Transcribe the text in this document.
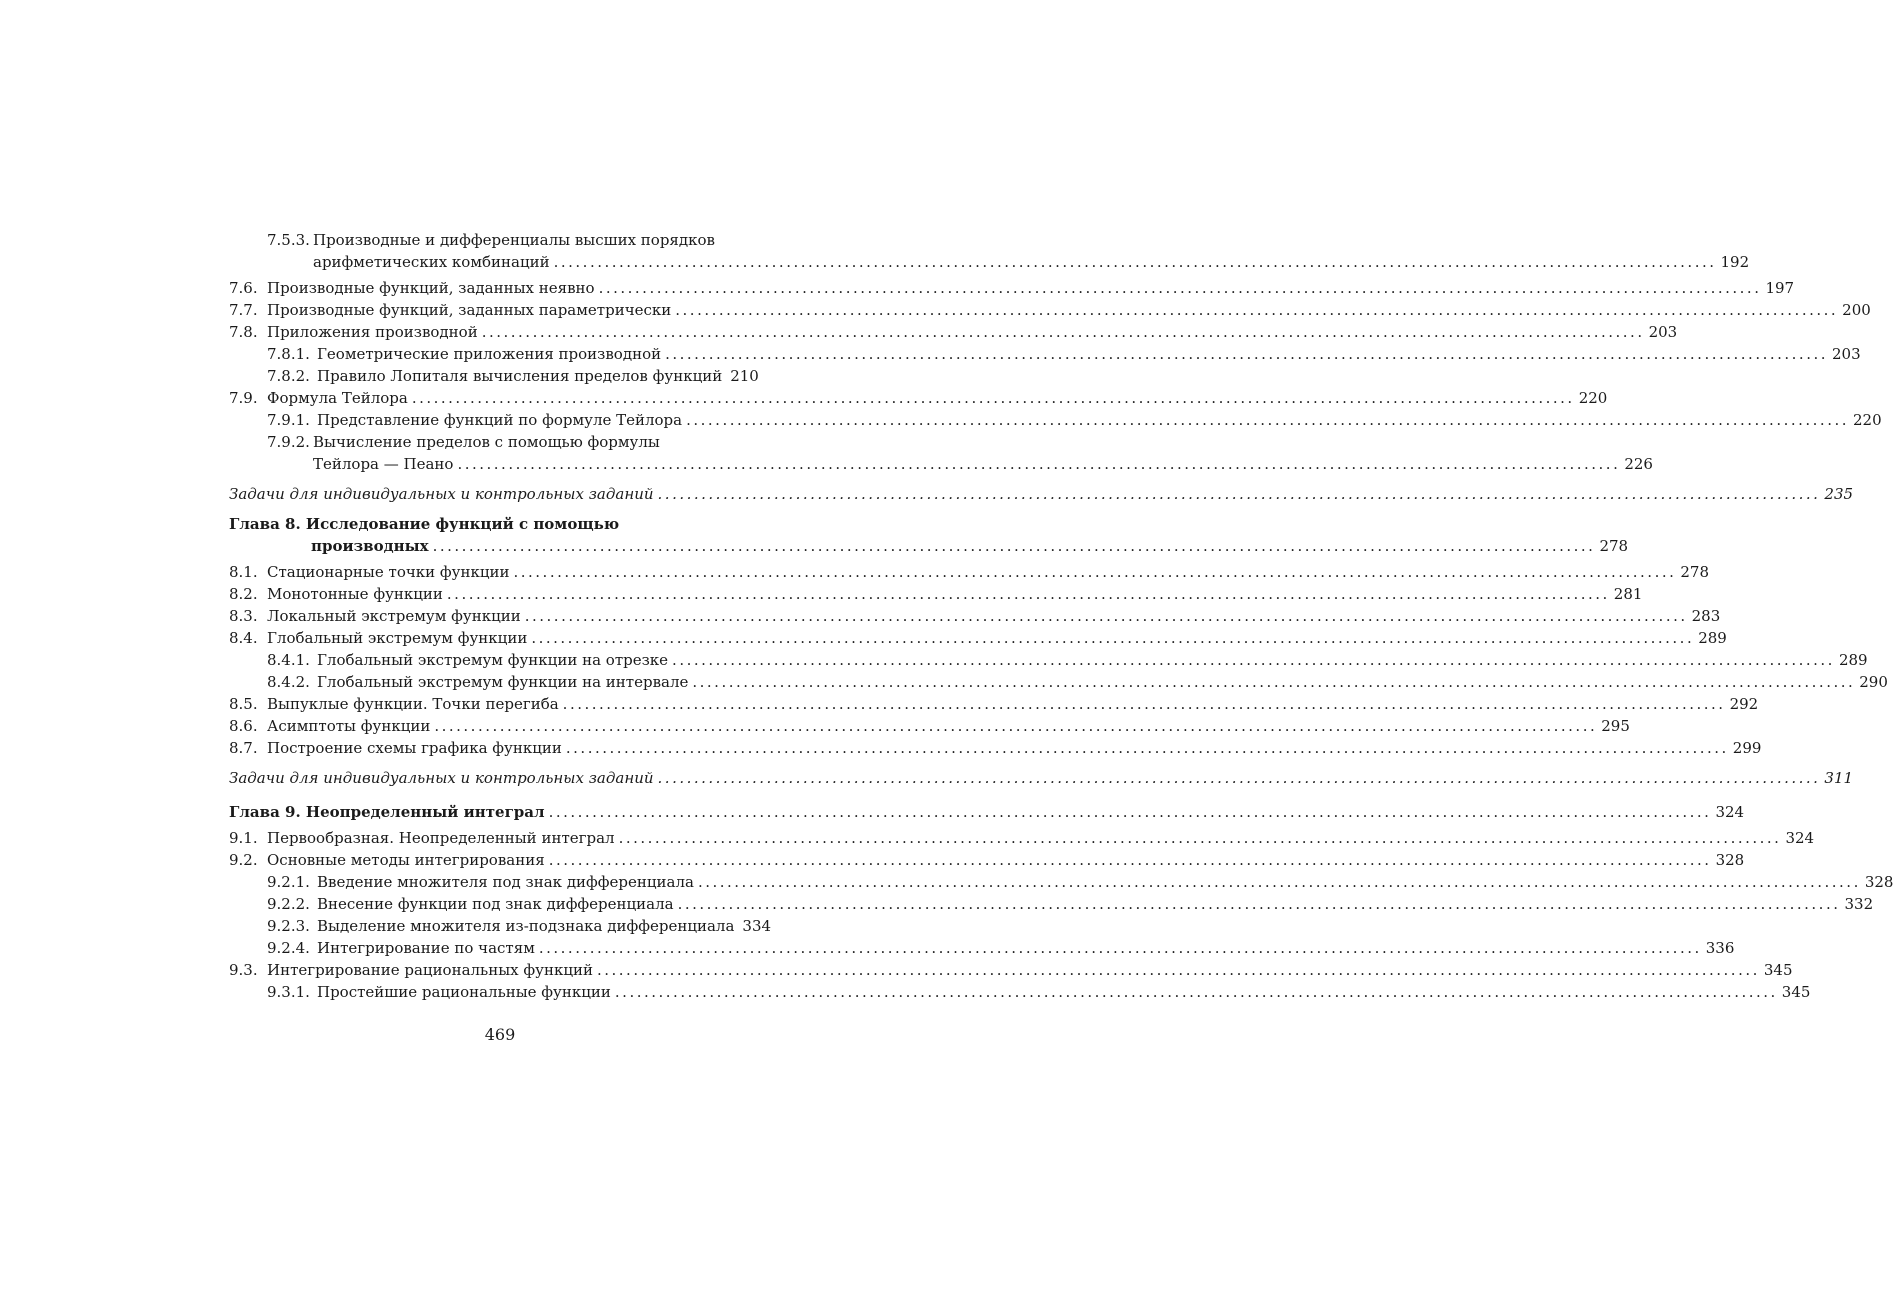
7.5.3. Производные и дифференциалы высших порядков
арифметических комбинаций ................................................................................................................................................................ 192
7.6. Производные функций, заданных неявно ................................................................................................................................................................ 197
7.7. Производные функций, заданных параметрически ................................................................................................................................................................ 200
7.8. Приложения производной ................................................................................................................................................................ 203
7.8.1. Геометрические приложения производной ................................................................................................................................................................ 203
7.8.2. Правило Лопиталя вычисления пределов функций 210
7.9. Формула Тейлора ................................................................................................................................................................ 220
7.9.1. Представление функций по формуле Тейлора ................................................................................................................................................................ 220
7.9.2. Вычисление пределов с помощью формулы
Тейлора — Пеано ................................................................................................................................................................ 226
Задачи для индивидуальных и контрольных заданий ................................................................................................................................................................ 235
Глава 8. Исследование функций с помощью
производных ................................................................................................................................................................ 278
8.1. Стационарные точки функции ................................................................................................................................................................ 278
8.2. Монотонные функции ................................................................................................................................................................ 281
8.3. Локальный экстремум функции ................................................................................................................................................................ 283
8.4. Глобальный экстремум функции ................................................................................................................................................................ 289
8.4.1. Глобальный экстремум функции на отрезке ................................................................................................................................................................ 289
8.4.2. Глобальный экстремум функции на интервале ................................................................................................................................................................ 290
8.5. Выпуклые функции. Точки перегиба ................................................................................................................................................................ 292
8.6. Асимптоты функции ................................................................................................................................................................ 295
8.7. Построение схемы графика функции ................................................................................................................................................................ 299
Задачи для индивидуальных и контрольных заданий ................................................................................................................................................................ 311
Глава 9. Неопределенный интеграл ................................................................................................................................................................ 324
9.1. Первообразная. Неопределенный интеграл ................................................................................................................................................................ 324
9.2. Основные методы интегрирования ................................................................................................................................................................ 328
9.2.1. Введение множителя под знак дифференциала ................................................................................................................................................................ 328
9.2.2. Внесение функции под знак дифференциала ................................................................................................................................................................ 332
9.2.3. Выделение множителя из-подзнака дифференциала 334
9.2.4. Интегрирование по частям ................................................................................................................................................................ 336
9.3. Интегрирование рациональных функций ................................................................................................................................................................ 345
9.3.1. Простейшие рациональные функции ................................................................................................................................................................ 345
469
